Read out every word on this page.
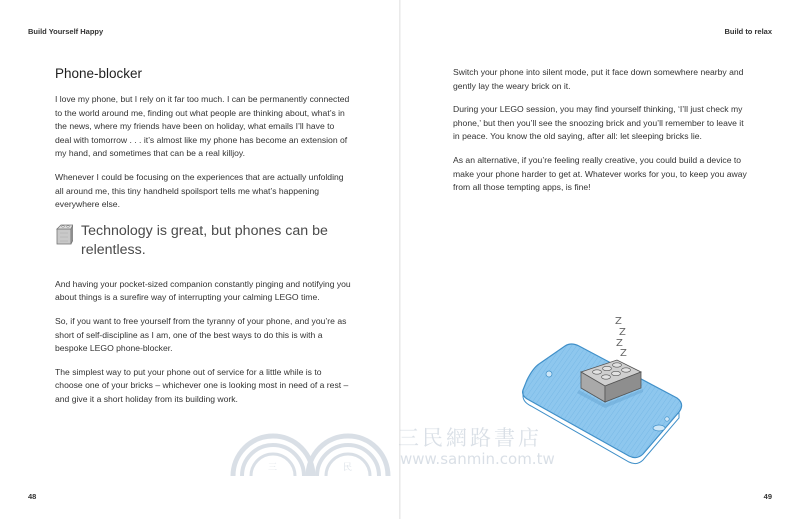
Build Yourself Happy	Build to relax
Phone-blocker

I love my phone, but I rely on it far too much. I can be permanently connected to the world around me, finding out what people are thinking about, what’s in the news, where my friends have been on holiday, what emails I’ll have to deal with tomorrow . . . it’s almost like my phone has become an extension of my hand, and sometimes that can be a real killjoy.

Whenever I could be focusing on the experiences that are actually unfolding all around me, this tiny handheld spoilsport tells me what’s happening everywhere else.

Technology is great, but phones can be relentless.

And having your pocket-sized companion constantly pinging and notifying you about things is a surefire way of interrupting your calming LEGO time.

So, if you want to free yourself from the tyranny of your phone, and you’re as short of self-discipline as I am, one of the best ways to do this is with a bespoke LEGO phone-blocker.

The simplest way to put your phone out of service for a little while is to choose one of your bricks – whichever one is looking most in need of a rest – and give it a short holiday from its building work.

Switch your phone into silent mode, put it face down somewhere nearby and gently lay the weary brick on it.

During your LEGO session, you may find yourself thinking, ‘I’ll just check my phone,’ but then you’ll see the snoozing brick and you’ll remember to leave it in peace. You know the old saying, after all: let sleeping bricks lie.

As an alternative, if you’re feeling really creative, you could build a device to make your phone harder to get at. Whatever works for you, to keep you away from all those tempting apps, is fine!

Z
Z
Z
Z
三	民
三民網路書店
www.sanmin.com.tw
48	49
